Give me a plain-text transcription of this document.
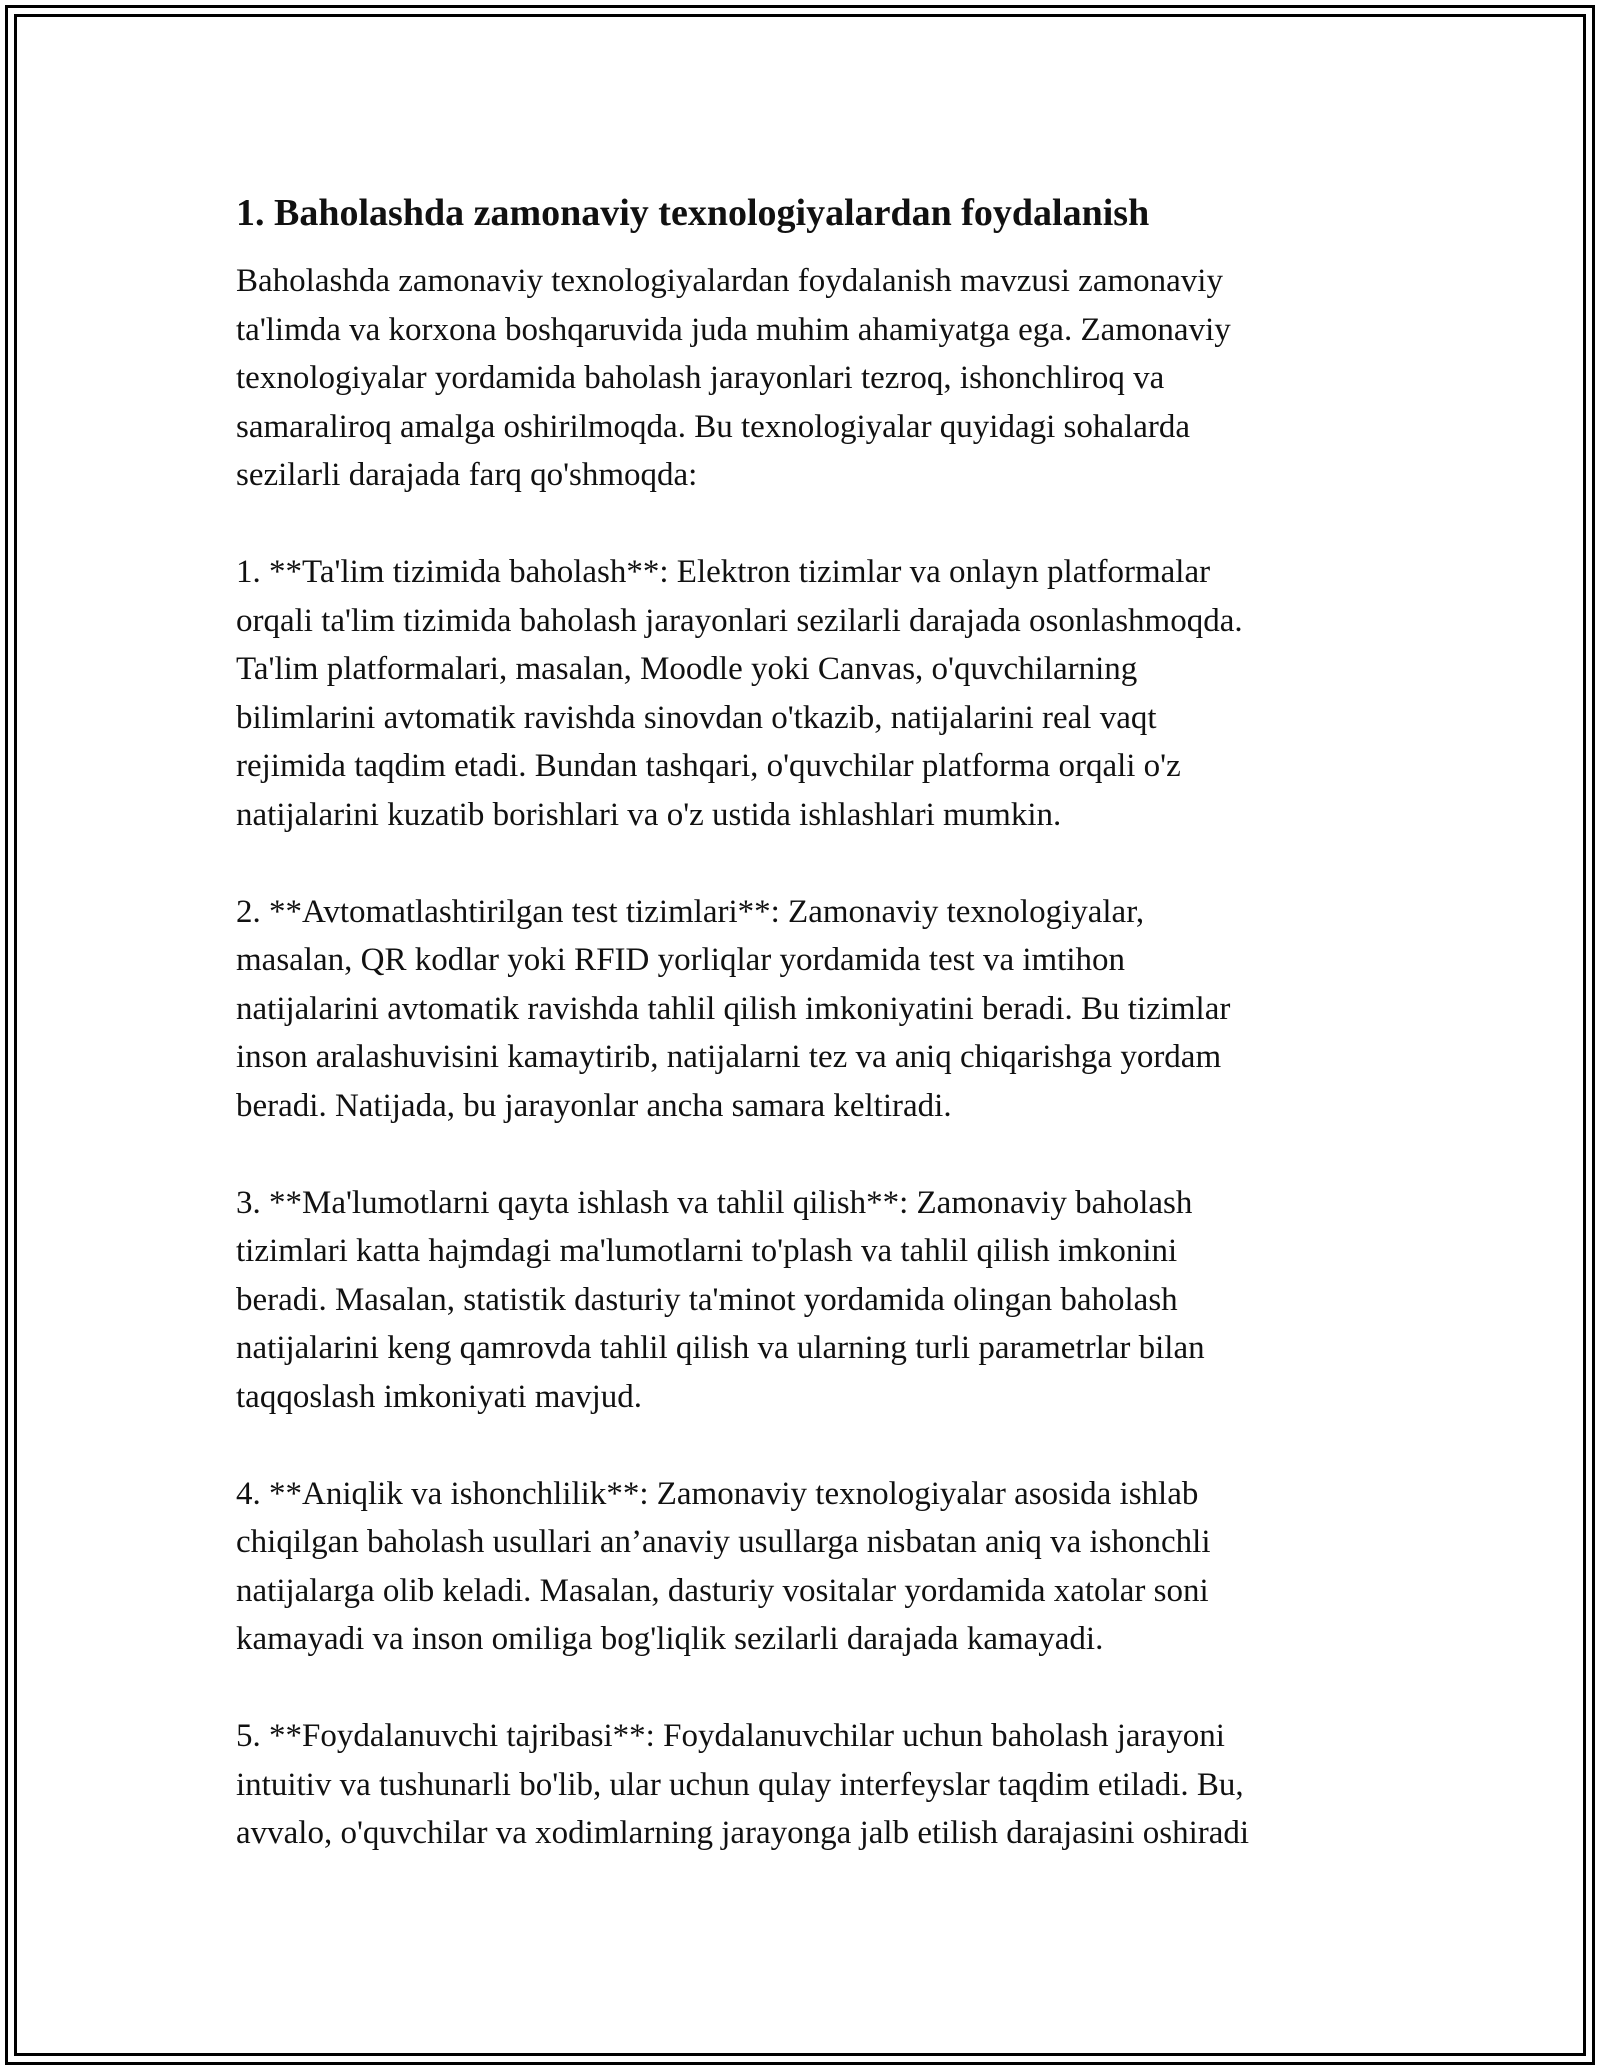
1. Baholashda zamonaviy texnologiyalardan foydalanish
Baholashda zamonaviy texnologiyalardan foydalanish mavzusi zamonaviy
ta'limda va korxona boshqaruvida juda muhim ahamiyatga ega. Zamonaviy
texnologiyalar yordamida baholash jarayonlari tezroq, ishonchliroq va
samaraliroq amalga oshirilmoqda. Bu texnologiyalar quyidagi sohalarda
sezilarli darajada farq qo'shmoqda:
1. **Ta'lim tizimida baholash**: Elektron tizimlar va onlayn platformalar
orqali ta'lim tizimida baholash jarayonlari sezilarli darajada osonlashmoqda.
Ta'lim platformalari, masalan, Moodle yoki Canvas, o'quvchilarning
bilimlarini avtomatik ravishda sinovdan o'tkazib, natijalarini real vaqt
rejimida taqdim etadi. Bundan tashqari, o'quvchilar platforma orqali o'z
natijalarini kuzatib borishlari va o'z ustida ishlashlari mumkin.
2. **Avtomatlashtirilgan test tizimlari**: Zamonaviy texnologiyalar,
masalan, QR kodlar yoki RFID yorliqlar yordamida test va imtihon
natijalarini avtomatik ravishda tahlil qilish imkoniyatini beradi. Bu tizimlar
inson aralashuvisini kamaytirib, natijalarni tez va aniq chiqarishga yordam
beradi. Natijada, bu jarayonlar ancha samara keltiradi.
3. **Ma'lumotlarni qayta ishlash va tahlil qilish**: Zamonaviy baholash
tizimlari katta hajmdagi ma'lumotlarni to'plash va tahlil qilish imkonini
beradi. Masalan, statistik dasturiy ta'minot yordamida olingan baholash
natijalarini keng qamrovda tahlil qilish va ularning turli parametrlar bilan
taqqoslash imkoniyati mavjud.
4. **Aniqlik va ishonchlilik**: Zamonaviy texnologiyalar asosida ishlab
chiqilgan baholash usullari an’anaviy usullarga nisbatan aniq va ishonchli
natijalarga olib keladi. Masalan, dasturiy vositalar yordamida xatolar soni
kamayadi va inson omiliga bog'liqlik sezilarli darajada kamayadi.
5. **Foydalanuvchi tajribasi**: Foydalanuvchilar uchun baholash jarayoni
intuitiv va tushunarli bo'lib, ular uchun qulay interfeyslar taqdim etiladi. Bu,
avvalo, o'quvchilar va xodimlarning jarayonga jalb etilish darajasini oshiradi
